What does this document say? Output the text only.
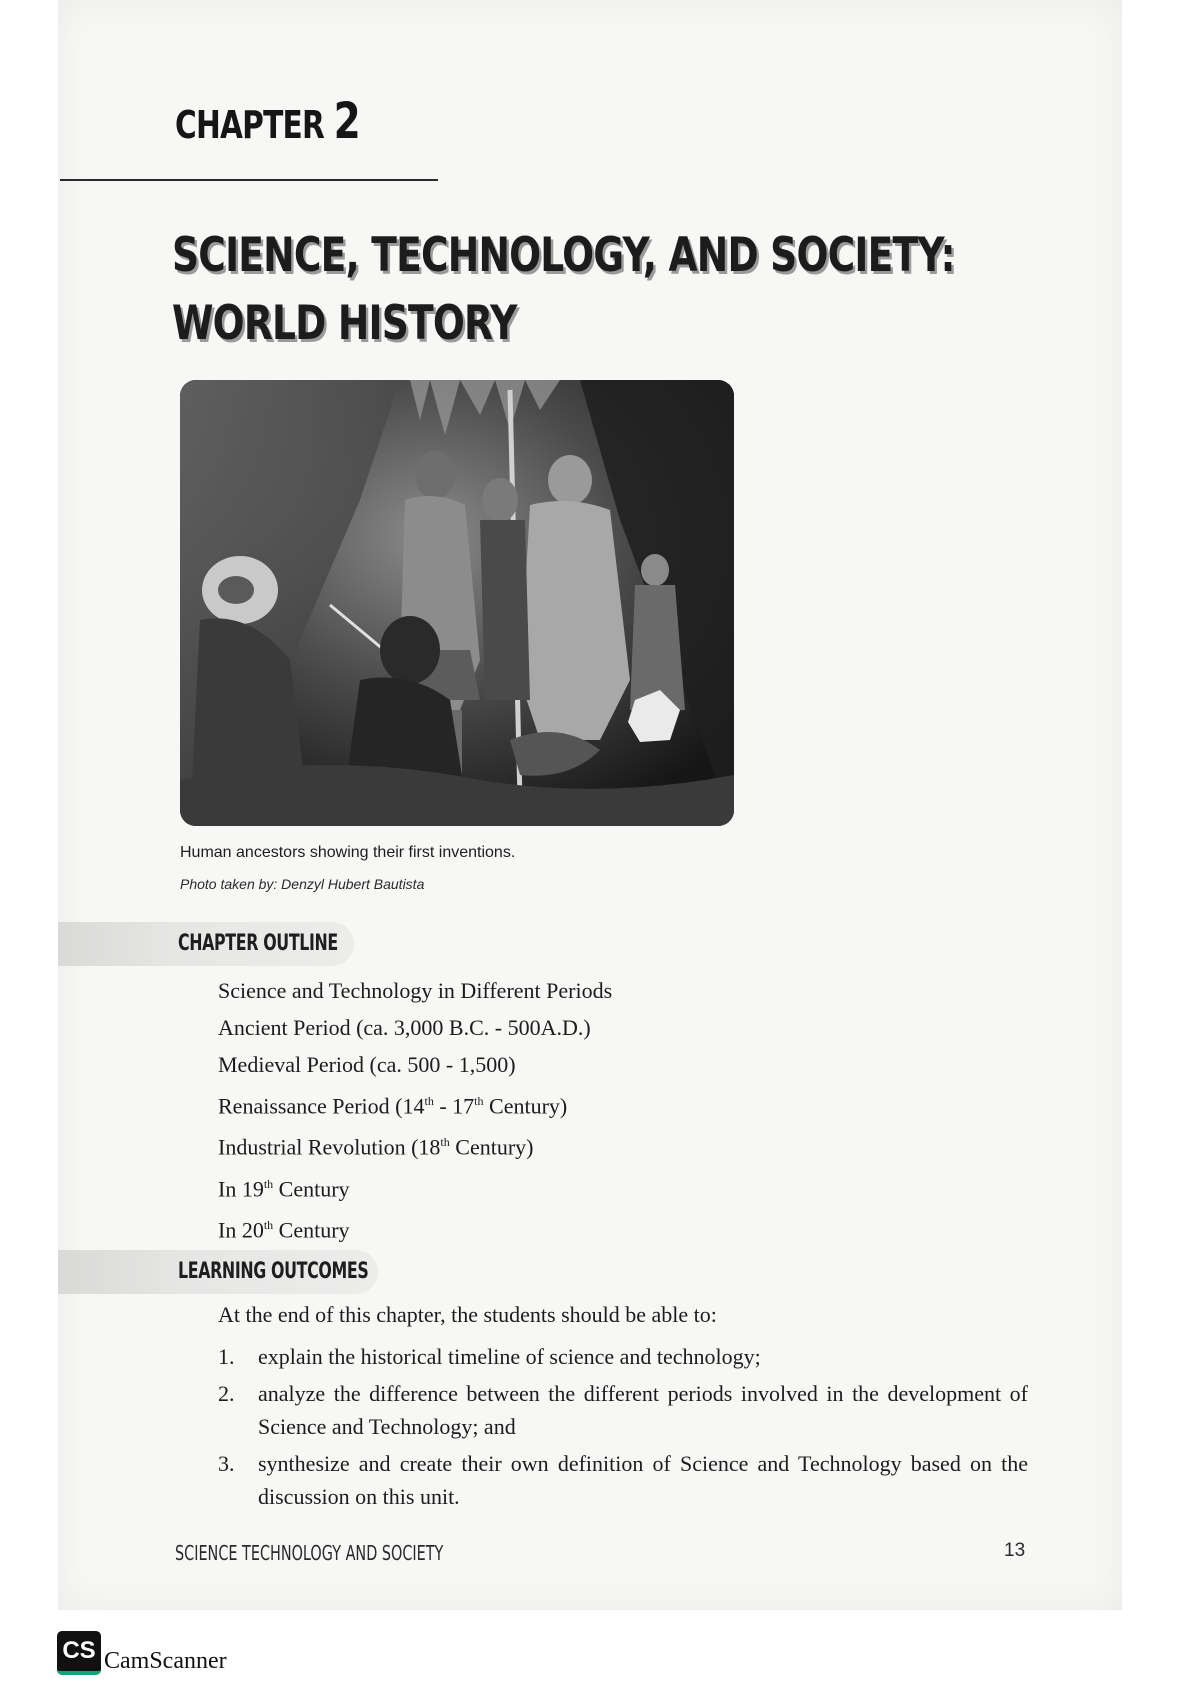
CHAPTER 2
SCIENCE, TECHNOLOGY, AND SOCIETY:
WORLD HISTORY
Human ancestors showing their first inventions.
Photo taken by: Denzyl Hubert Bautista
CHAPTER OUTLINE
Science and Technology in Different Periods
Ancient Period (ca. 3,000 B.C. - 500A.D.)
Medieval Period (ca. 500 - 1,500)
Renaissance Period (14th - 17th Century)
Industrial Revolution (18th Century)
In 19th Century
In 20th Century
LEARNING OUTCOMES
At the end of this chapter, the students should be able to:
1. explain the historical timeline of science and technology;
2. analyze the difference between the different periods involved in the development of Science and Technology; and
3. synthesize and create their own definition of Science and Technology based on the discussion on this unit.
SCIENCE TECHNOLOGY AND SOCIETY	13
CS CamScanner
